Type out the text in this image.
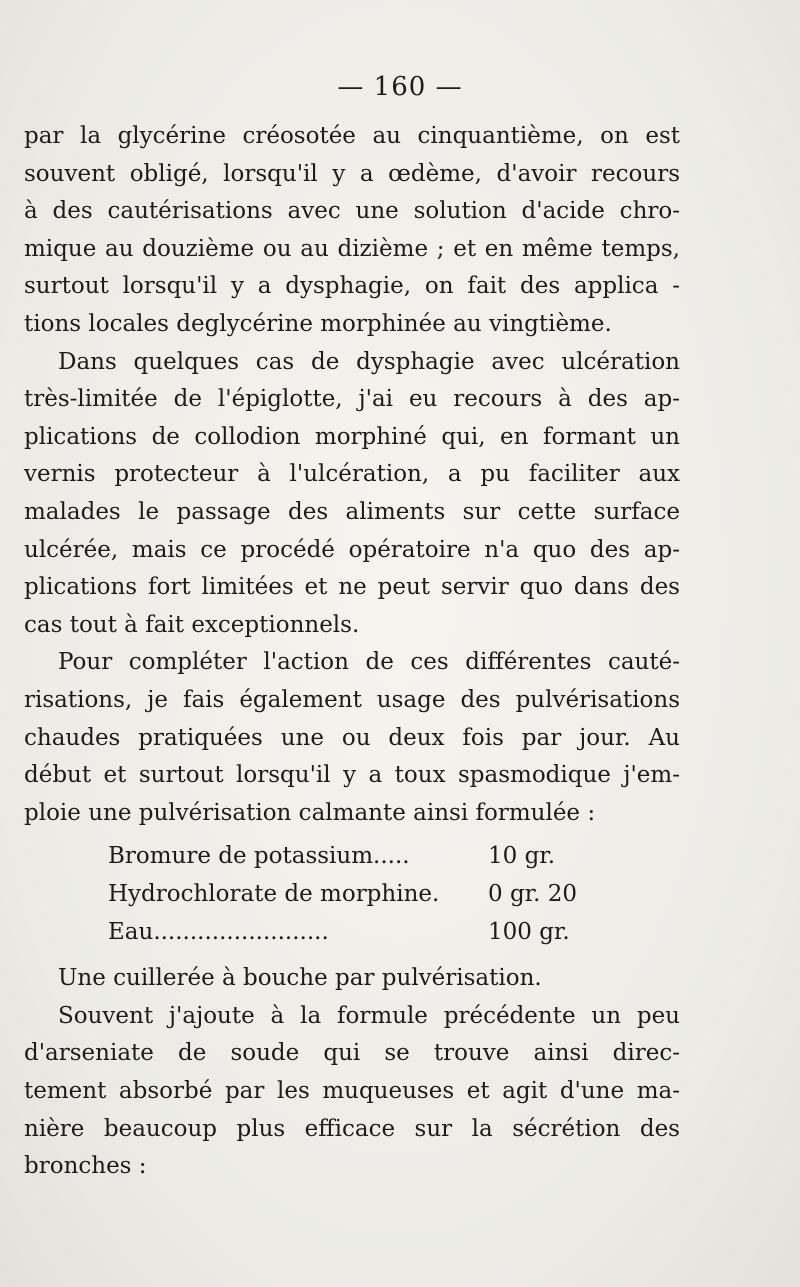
— 160 —
par la glycérine créosotée au cinquantième, on est
souvent obligé, lorsqu'il y a œdème, d'avoir recours
à des cautérisations avec une solution d'acide chro-
mique au douzième ou au dizième ; et en même temps,
surtout lorsqu'il y a dysphagie, on fait des applica -
tions locales deglycérine morphinée au vingtième.
Dans quelques cas de dysphagie avec ulcération
très-limitée de l'épiglotte, j'ai eu recours à des ap-
plications de collodion morphiné qui, en formant un
vernis protecteur à l'ulcération, a pu faciliter aux
malades le passage des aliments sur cette surface
ulcérée, mais ce procédé opératoire n'a quo des ap-
plications fort limitées et ne peut servir quo dans des
cas tout à fait exceptionnels.
Pour compléter l'action de ces différentes cauté-
risations, je fais également usage des pulvérisations
chaudes pratiquées une ou deux fois par jour. Au
début et surtout lorsqu'il y a toux spasmodique j'em-
ploie une pulvérisation calmante ainsi formulée :
Bromure de potassium.....	10 gr.
Hydrochlorate de morphine.	0 gr. 20
Eau........................	100 gr.
Une cuillerée à bouche par pulvérisation.
Souvent j'ajoute à la formule précédente un peu
d'arseniate de soude qui se trouve ainsi direc-
tement absorbé par les muqueuses et agit d'une ma-
nière beaucoup plus efficace sur la sécrétion des
bronches :
